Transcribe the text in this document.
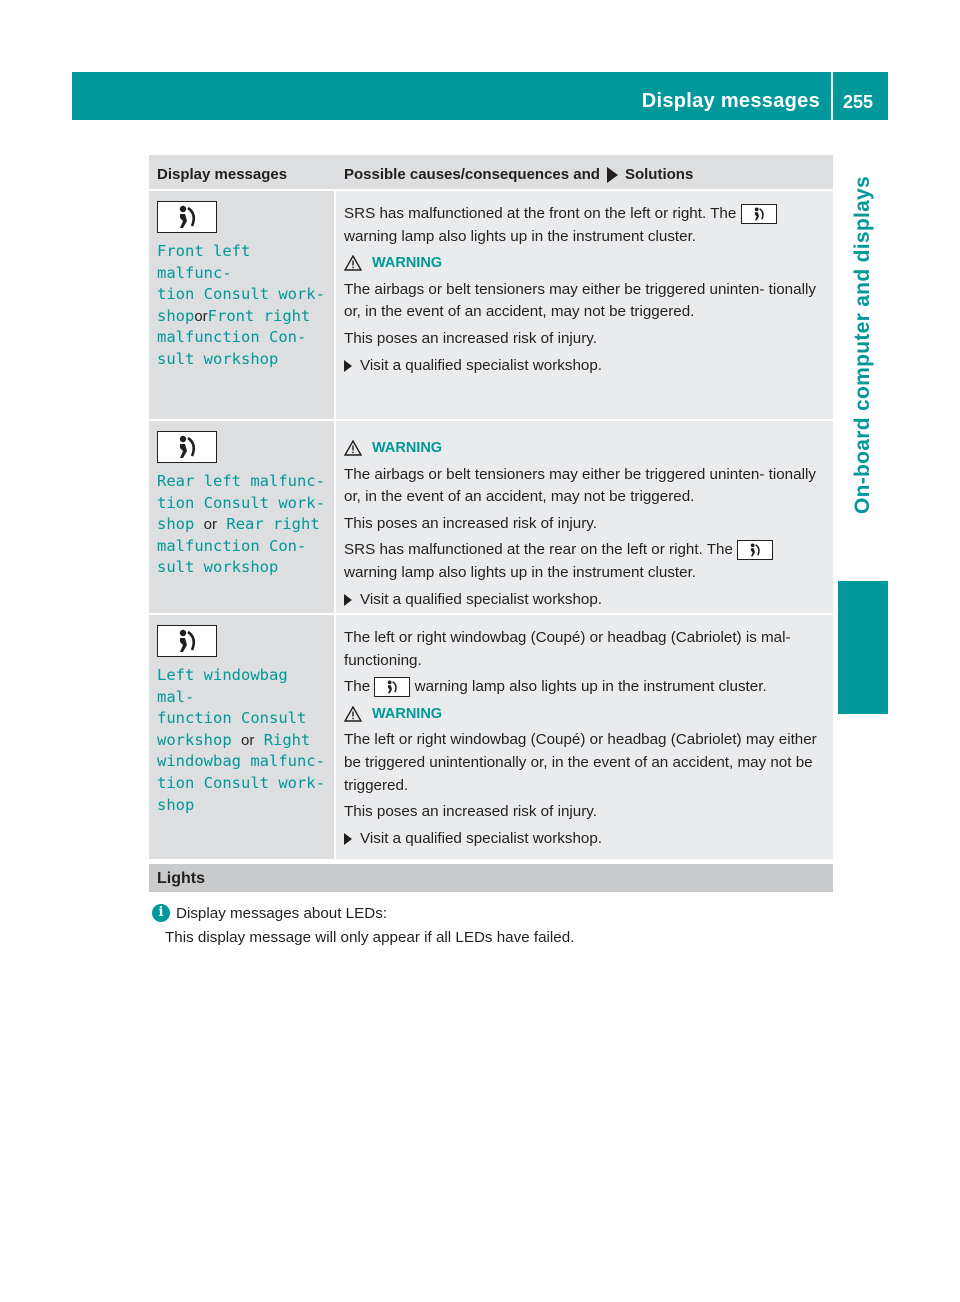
Display messages 255
On-board computer and displays
Display messages	Possible causes/consequences and Solutions
Front left malfunc‑
tion Consult work‑
shoporFront right
malfunction Con‑
sult workshop
SRS has malfunctioned at the front on the left or right. The
warning lamp also lights up in the instrument cluster.
WARNING
The airbags or belt tensioners may either be triggered uninten- tionally or, in the event of an accident, may not be triggered.
This poses an increased risk of injury.
Visit a qualified specialist workshop.
Rear left malfunc‑
tion Consult work‑
shop or Rear right
malfunction Con‑
sult workshop
WARNING
The airbags or belt tensioners may either be triggered uninten- tionally or, in the event of an accident, may not be triggered.
This poses an increased risk of injury.
SRS has malfunctioned at the rear on the left or right. The
warning lamp also lights up in the instrument cluster.
Visit a qualified specialist workshop.
Left windowbag mal‑
function Consult
workshop or Right
windowbag malfunc‑
tion Consult work‑
shop
The left or right windowbag (Coupé) or headbag (Cabriolet) is mal- functioning.
The	warning lamp also lights up in the instrument cluster.
WARNING
The left or right windowbag (Coupé) or headbag (Cabriolet) may either be triggered unintentionally or, in the event of an accident, may not be triggered.
This poses an increased risk of injury.
Visit a qualified specialist workshop.
Lights
i Display messages about LEDs:
This display message will only appear if all LEDs have failed.
